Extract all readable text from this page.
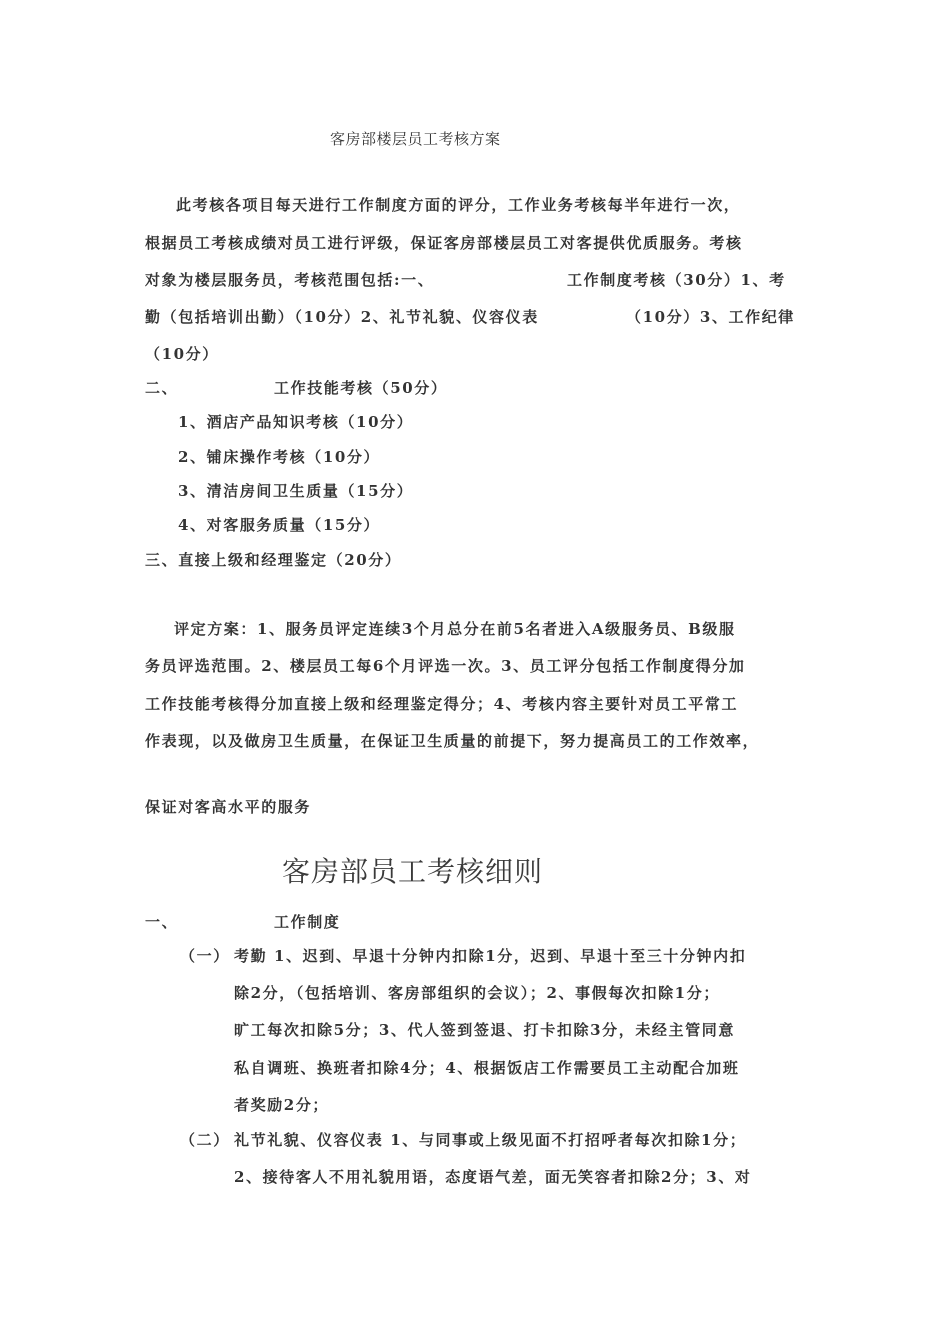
客房部楼层员工考核方案
此考核各项目每天进行工作制度方面的评分，工作业务考核每半年进行一次，
根据员工考核成绩对员工进行评级，保证客房部楼层员工对客提供优质服务。考核
对象为楼层服务员，考核范围包括:一、	工作制度考核（30分）1、考
勤（包括培训出勤）（10分）2、礼节礼貌、仪容仪表	（10分）3、工作纪律
（10分）
二、	工作技能考核（50分）
1、酒店产品知识考核（10分）
2、铺床操作考核（10分）
3、清洁房间卫生质量（15分）
4、对客服务质量（15分）
三、直接上级和经理鉴定（20分）
评定方案：1、服务员评定连续3个月总分在前5名者进入A级服务员、B级服
务员评选范围。2、楼层员工每6个月评选一次。3、员工评分包括工作制度得分加
工作技能考核得分加直接上级和经理鉴定得分；4、考核内容主要针对员工平常工
作表现，以及做房卫生质量，在保证卫生质量的前提下，努力提高员工的工作效率，
保证对客高水平的服务
客房部员工考核细则
一、	工作制度
（一） 考勤 1、迟到、早退十分钟内扣除1分，迟到、早退十至三十分钟内扣
除2分，（包括培训、客房部组织的会议）；2、事假每次扣除1分；
旷工每次扣除5分；3、代人签到签退、打卡扣除3分，未经主管同意
私自调班、换班者扣除4分；4、根据饭店工作需要员工主动配合加班
者奖励2分；
（二） 礼节礼貌、仪容仪表 1、与同事或上级见面不打招呼者每次扣除1分；
2、接待客人不用礼貌用语，态度语气差，面无笑容者扣除2分；3、对
